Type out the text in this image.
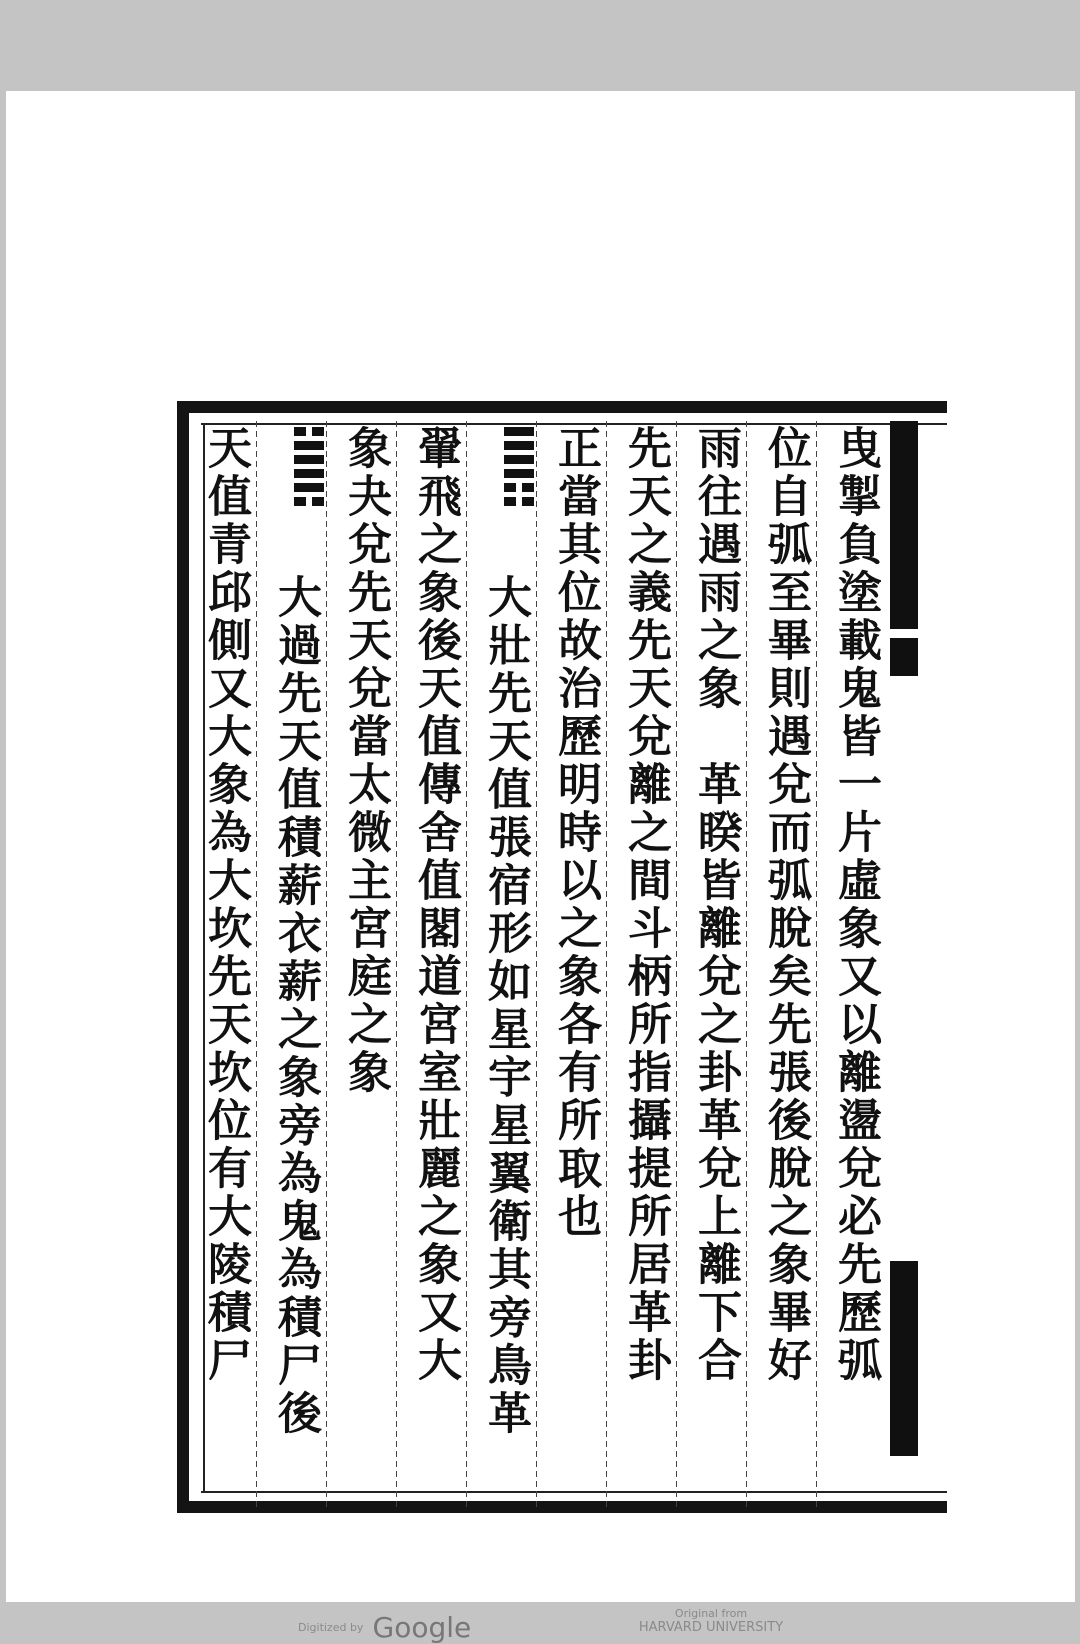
曳掣負塗載鬼皆一片虛象又以離盪兌必先歷弧
位自弧至畢則遇兌而弧脫矣先張後脫之象畢好
雨往遇雨之象　革睽皆離兌之卦革兌上離下合
先天之義先天兌離之間斗柄所指攝提所居革卦
正當其位故治歷明時以之象各有所取也
大壯先天值張宿形如星宇星翼衛其旁鳥革
翬飛之象後天值傳舍值閣道宮室壯麗之象又大
象夬兌先天兌當太微主宮庭之象
大過先天值積薪衣薪之象旁為鬼為積尸後
天值青邱側又大象為大坎先天坎位有大陵積尸
Digitized by Google	Original from
HARVARD UNIVERSITY
